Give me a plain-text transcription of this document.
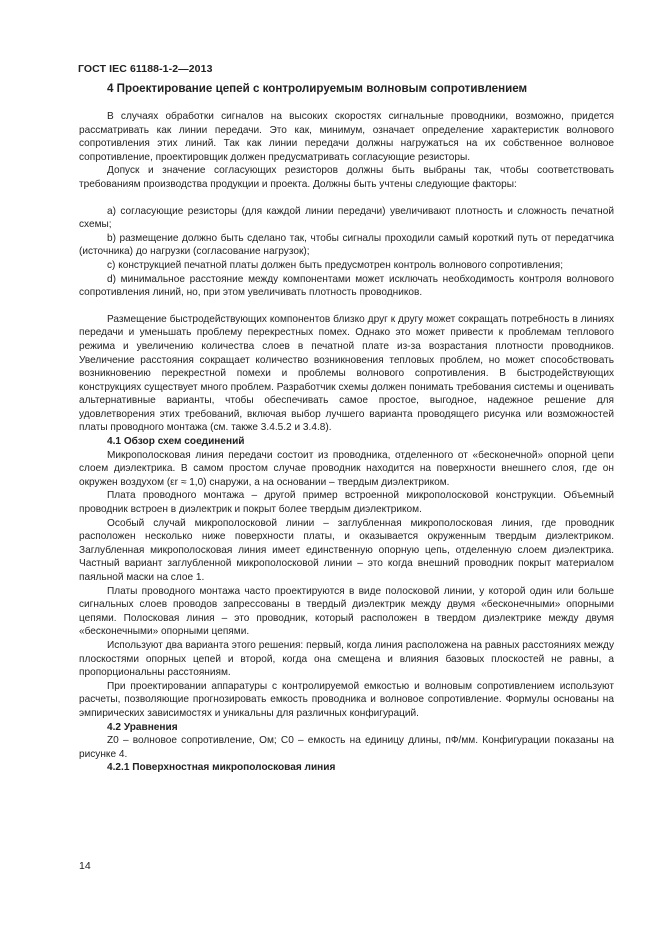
ГОСТ IEC 61188-1-2—2013
4 Проектирование цепей с контролируемым волновым сопротивлением

В случаях обработки сигналов на высоких скоростях сигнальные проводники, возможно, придется рассматривать как линии передачи. Это как, минимум, означает определение характеристик волнового сопротивления этих линий. Так как линии передачи должны нагружаться на их собственное волновое сопротивление, проектировщик должен предусматривать согласующие резисторы.

Допуск и значение согласующих резисторов должны быть выбраны так, чтобы соответствовать требованиям производства продукции и проекта. Должны быть учтены следующие факторы:

a) согласующие резисторы (для каждой линии передачи) увеличивают плотность и сложность печатной схемы;

b) размещение должно быть сделано так, чтобы сигналы проходили самый короткий путь от передатчика (источника) до нагрузки (согласование нагрузок);

c) конструкцией печатной платы должен быть предусмотрен контроль волнового сопротивления;

d) минимальное расстояние между компонентами может исключать необходимость контроля волнового сопротивления линий, но, при этом увеличивать плотность проводников.

Размещение быстродействующих компонентов близко друг к другу может сокращать потребность в линиях передачи и уменьшать проблему перекрестных помех. Однако это может привести к проблемам теплового режима и увеличению количества слоев в печатной плате из-за возрастания плотности проводников. Увеличение расстояния сокращает количество возникновения тепловых проблем, но может способствовать возникновению перекрестной помехи и проблемы волнового сопротивления. В быстродействующих конструкциях существует много проблем. Разработчик схемы должен понимать требования системы и оценивать альтернативные варианты, чтобы обеспечивать самое простое, выгодное, надежное решение для удовлетворения этих требований, включая выбор лучшего варианта проводящего рисунка или возможностей платы проводного монтажа (см. также 3.4.5.2 и 3.4.8).

4.1 Обзор схем соединений

Микрополосковая линия передачи состоит из проводника, отделенного от «бесконечной» опорной цепи слоем диэлектрика. В самом простом случае проводник находится на поверхности внешнего слоя, где он окружен воздухом (εr ≈ 1,0) снаружи, а на основании – твердым диэлектриком.

Плата проводного монтажа – другой пример встроенной микрополосковой конструкции. Объемный проводник встроен в диэлектрик и покрыт более твердым диэлектриком.

Особый случай микрополосковой линии – заглубленная микрополосковая линия, где проводник расположен несколько ниже поверхности платы, и оказывается окруженным твердым диэлектриком. Заглубленная микрополосковая линия имеет единственную опорную цепь, отделенную слоем диэлектрика. Частный вариант заглубленной микрополосковой линии – это когда внешний проводник покрыт материалом паяльной маски на слое 1.

Платы проводного монтажа часто проектируются в виде полосковой линии, у которой один или больше сигнальных слоев проводов запрессованы в твердый диэлектрик между двумя «бесконечными» опорными цепями. Полосковая линия – это проводник, который расположен в твердом диэлектрике между двумя «бесконечными» опорными цепями.

Используют два варианта этого решения: первый, когда линия расположена на равных расстояниях между плоскостями опорных цепей и второй, когда она смещена и влияния базовых плоскостей не равны, а пропорциональны расстояниям.

При проектировании аппаратуры с контролируемой емкостью и волновым сопротивлением используют расчеты, позволяющие прогнозировать емкость проводника и волновое сопротивление. Формулы основаны на эмпирических зависимостях и уникальны для различных конфигураций.

4.2 Уравнения

Z0 – волновое сопротивление, Ом; C0 – емкость на единицу длины, пФ/мм. Конфигурации показаны на рисунке 4.

4.2.1 Поверхностная микрополосковая линия
14
